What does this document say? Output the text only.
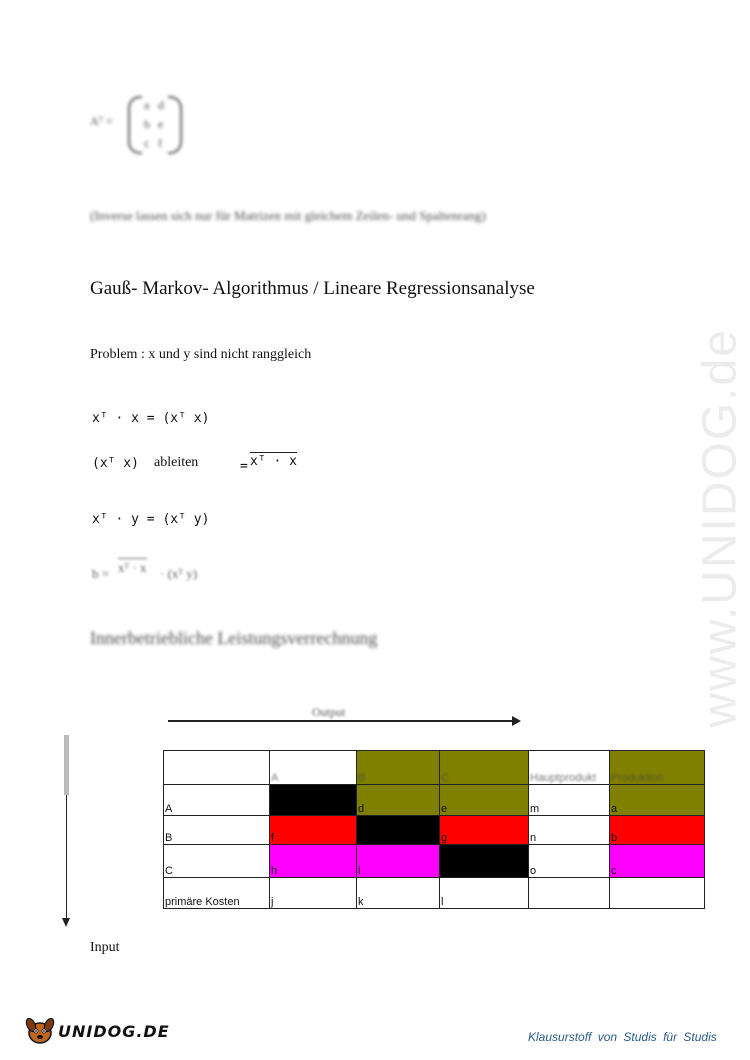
www.UNIDOG.de
Aᵀ =
a d
b e
c f
(Inverse lassen sich nur für Matrizen mit gleichem Zeilen- und Spaltenrang)
Gauß- Markov- Algorithmus / Lineare Regressionsanalyse
Problem : x und y sind nicht ranggleich
xᵀ · x = (xᵀ x)
(xᵀ x) ableiten	= xᵀ · x
xᵀ · y = (xᵀ y)
b = xᵀ · x · (xᵀ y)
Innerbetriebliche Leistungsverrechnung
Output
Input
	A	B	C	Hauptprodukt	Produktion
A		d	e	m	a
B	f		g	n	b
C	h	i		o	c
primäre Kosten	j	k	l		
UNIDOG.DE	Klausurstoff von Studis für Studis
